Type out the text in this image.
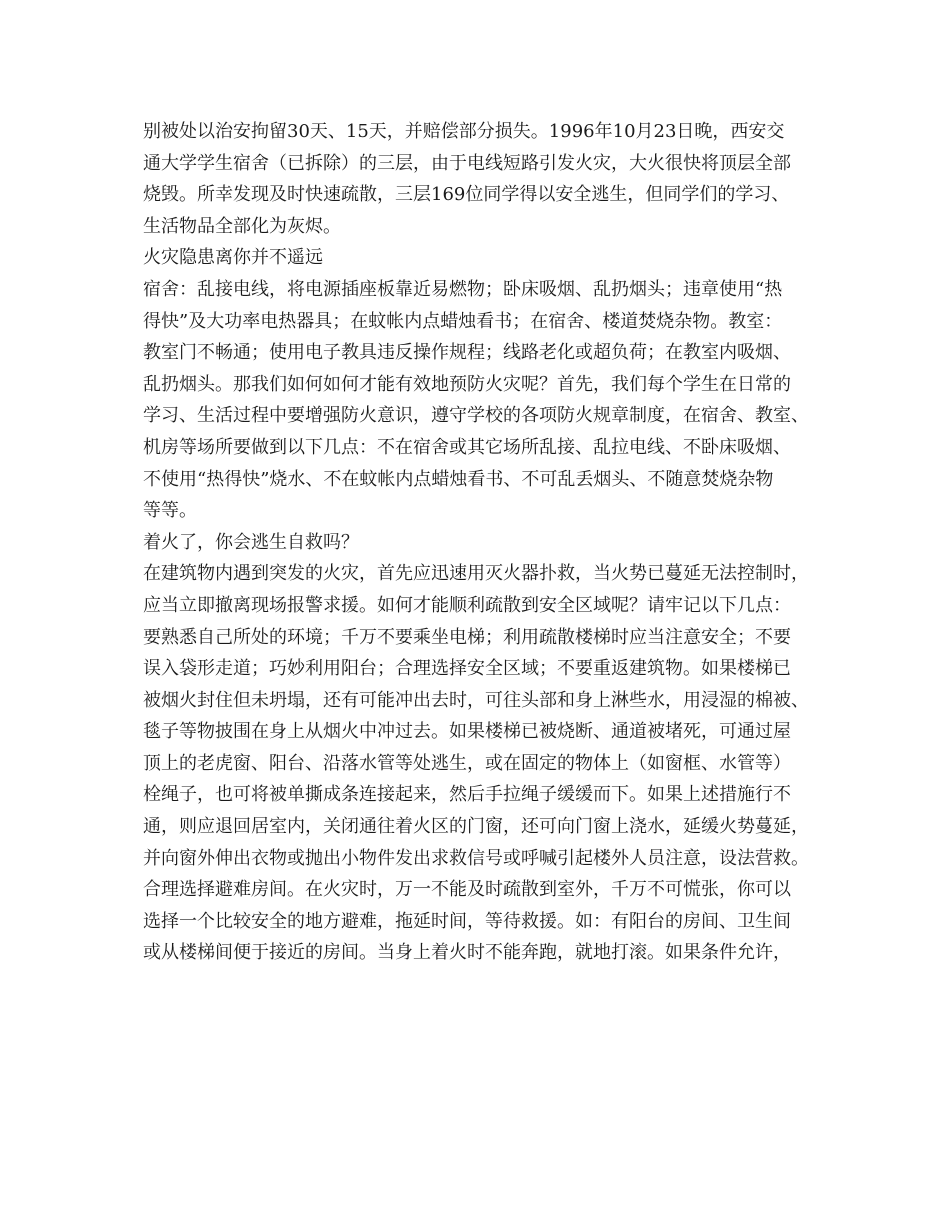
别被处以治安拘留30天、15天，并赔偿部分损失。1996年10月23日晚，西安交
通大学学生宿舍（已拆除）的三层，由于电线短路引发火灾，大火很快将顶层全部
烧毁。所幸发现及时快速疏散，三层169位同学得以安全逃生，但同学们的学习、
生活物品全部化为灰烬。
火灾隐患离你并不遥远
宿舍：乱接电线，将电源插座板靠近易燃物；卧床吸烟、乱扔烟头；违章使用“热
得快”及大功率电热器具；在蚊帐内点蜡烛看书；在宿舍、楼道焚烧杂物。教室：
教室门不畅通；使用电子教具违反操作规程；线路老化或超负荷；在教室内吸烟、
乱扔烟头。那我们如何如何才能有效地预防火灾呢？首先，我们每个学生在日常的
学习、生活过程中要增强防火意识，遵守学校的各项防火规章制度，在宿舍、教室、
机房等场所要做到以下几点：不在宿舍或其它场所乱接、乱拉电线、不卧床吸烟、
不使用“热得快”烧水、不在蚊帐内点蜡烛看书、不可乱丢烟头、不随意焚烧杂物
等等。
着火了，你会逃生自救吗？
在建筑物内遇到突发的火灾，首先应迅速用灭火器扑救，当火势已蔓延无法控制时，
应当立即撤离现场报警求援。如何才能顺利疏散到安全区域呢？请牢记以下几点：
要熟悉自己所处的环境；千万不要乘坐电梯；利用疏散楼梯时应当注意安全；不要
误入袋形走道；巧妙利用阳台；合理选择安全区域；不要重返建筑物。如果楼梯已
被烟火封住但未坍塌，还有可能冲出去时，可往头部和身上淋些水，用浸湿的棉被、
毯子等物披围在身上从烟火中冲过去。如果楼梯已被烧断、通道被堵死，可通过屋
顶上的老虎窗、阳台、沿落水管等处逃生，或在固定的物体上（如窗框、水管等）
栓绳子，也可将被单撕成条连接起来，然后手拉绳子缓缓而下。如果上述措施行不
通，则应退回居室内，关闭通往着火区的门窗，还可向门窗上浇水，延缓火势蔓延，
并向窗外伸出衣物或抛出小物件发出求救信号或呼喊引起楼外人员注意，设法营救。
合理选择避难房间。在火灾时，万一不能及时疏散到室外，千万不可慌张，你可以
选择一个比较安全的地方避难，拖延时间，等待救援。如：有阳台的房间、卫生间
或从楼梯间便于接近的房间。当身上着火时不能奔跑，就地打滚。如果条件允许，
